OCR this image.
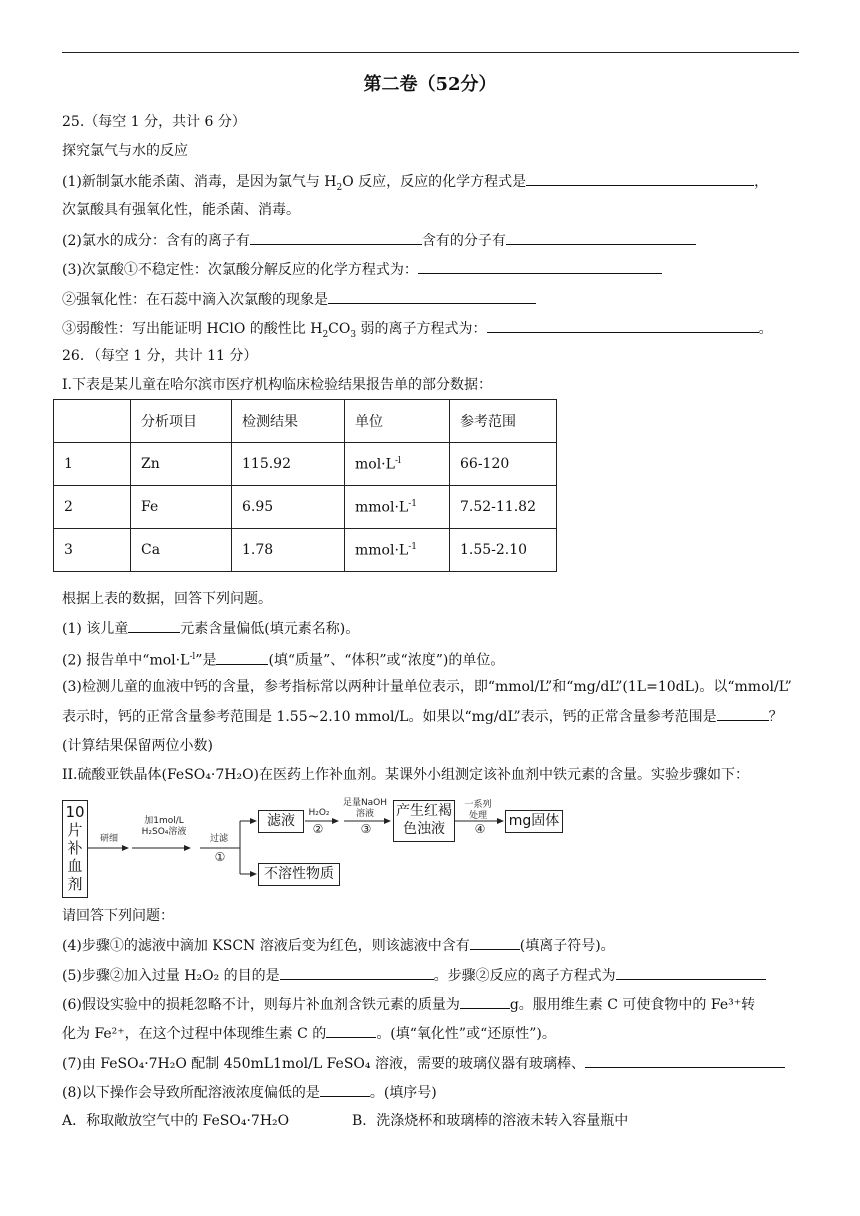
第二卷（52分）
25.（每空 1 分，共计 6 分）
探究氯气与水的反应
(1)新制氯水能杀菌、消毒，是因为氯气与 $H_2O$ 反应，反应的化学方程式是	，
次氯酸具有强氧化性，能杀菌、消毒。
(2)氯水的成分：含有的离子有	含有的分子有
(3)次氯酸①不稳定性：次氯酸分解反应的化学方程式为：
②强氧化性：在石蕊中滴入次氯酸的现象是
③弱酸性：写出能证明 HClO 的酸性比 $H_2CO_3$ 弱的离子方程式为：	。
26．（每空 1 分，共计 11 分）
I.下表是某儿童在哈尔滨市医疗机构临床检验结果报告单的部分数据：
	分析项目	检测结果	单位	参考范围
1	Zn	115.92	$mol\cdot L^{-l}$	66-120
2	Fe	6.95	$mmol\cdot L^{-1}$	7.52-11.82
3	Ca	1.78	$mmol\cdot L^{-1}$	1.55-2.10
根据上表的数据，回答下列问题。
(1) 该儿童	元素含量偏低(填元素名称)。
(2) 报告单中“$mol\cdot L^{-l}$”是	(填“质量”、“体积”或“浓度”)的单位。
(3)检测儿童的血液中钙的含量，参考指标常以两种计量单位表示，即“mmol/L”和“mg/dL”(1L=10dL)。以“mmol/L”
表示时，钙的正常含量参考范围是 1.55~2.10 mmol/L。如果以“mg/dL”表示，钙的正常含量参考范围是	？
(计算结果保留两位小数)
II.硫酸亚铁晶体(FeSO₄·7H₂O)在医药上作补血剂。某课外小组测定该补血剂中铁元素的含量。实验步骤如下：
10片补血剂
研细
加1mol/L H₂SO₄溶液
过滤
①
滤液
不溶性物质
H₂O₂
②
足量NaOH溶液
③
产生红褐色浊液
一系列处理
④ mg固体
请回答下列问题：
(4)步骤①的滤液中滴加 KSCN 溶液后变为红色，则该滤液中含有	(填离子符号)。
(5)步骤②加入过量 H₂O₂ 的目的是	。步骤②反应的离子方程式为
(6)假设实验中的损耗忽略不计，则每片补血剂含铁元素的质量为	g。服用维生素 C 可使食物中的 Fe³⁺转
化为 Fe²⁺，在这个过程中体现维生素 C 的	。(填“氧化性”或“还原性”)。
(7)由 FeSO₄·7H₂O 配制 450mL1mol/L FeSO₄ 溶液，需要的玻璃仪器有玻璃棒、
(8)以下操作会导致所配溶液浓度偏低的是	。(填序号)
A．称取敞放空气中的 FeSO₄·7H₂O	B．洗涤烧杯和玻璃棒的溶液未转入容量瓶中
